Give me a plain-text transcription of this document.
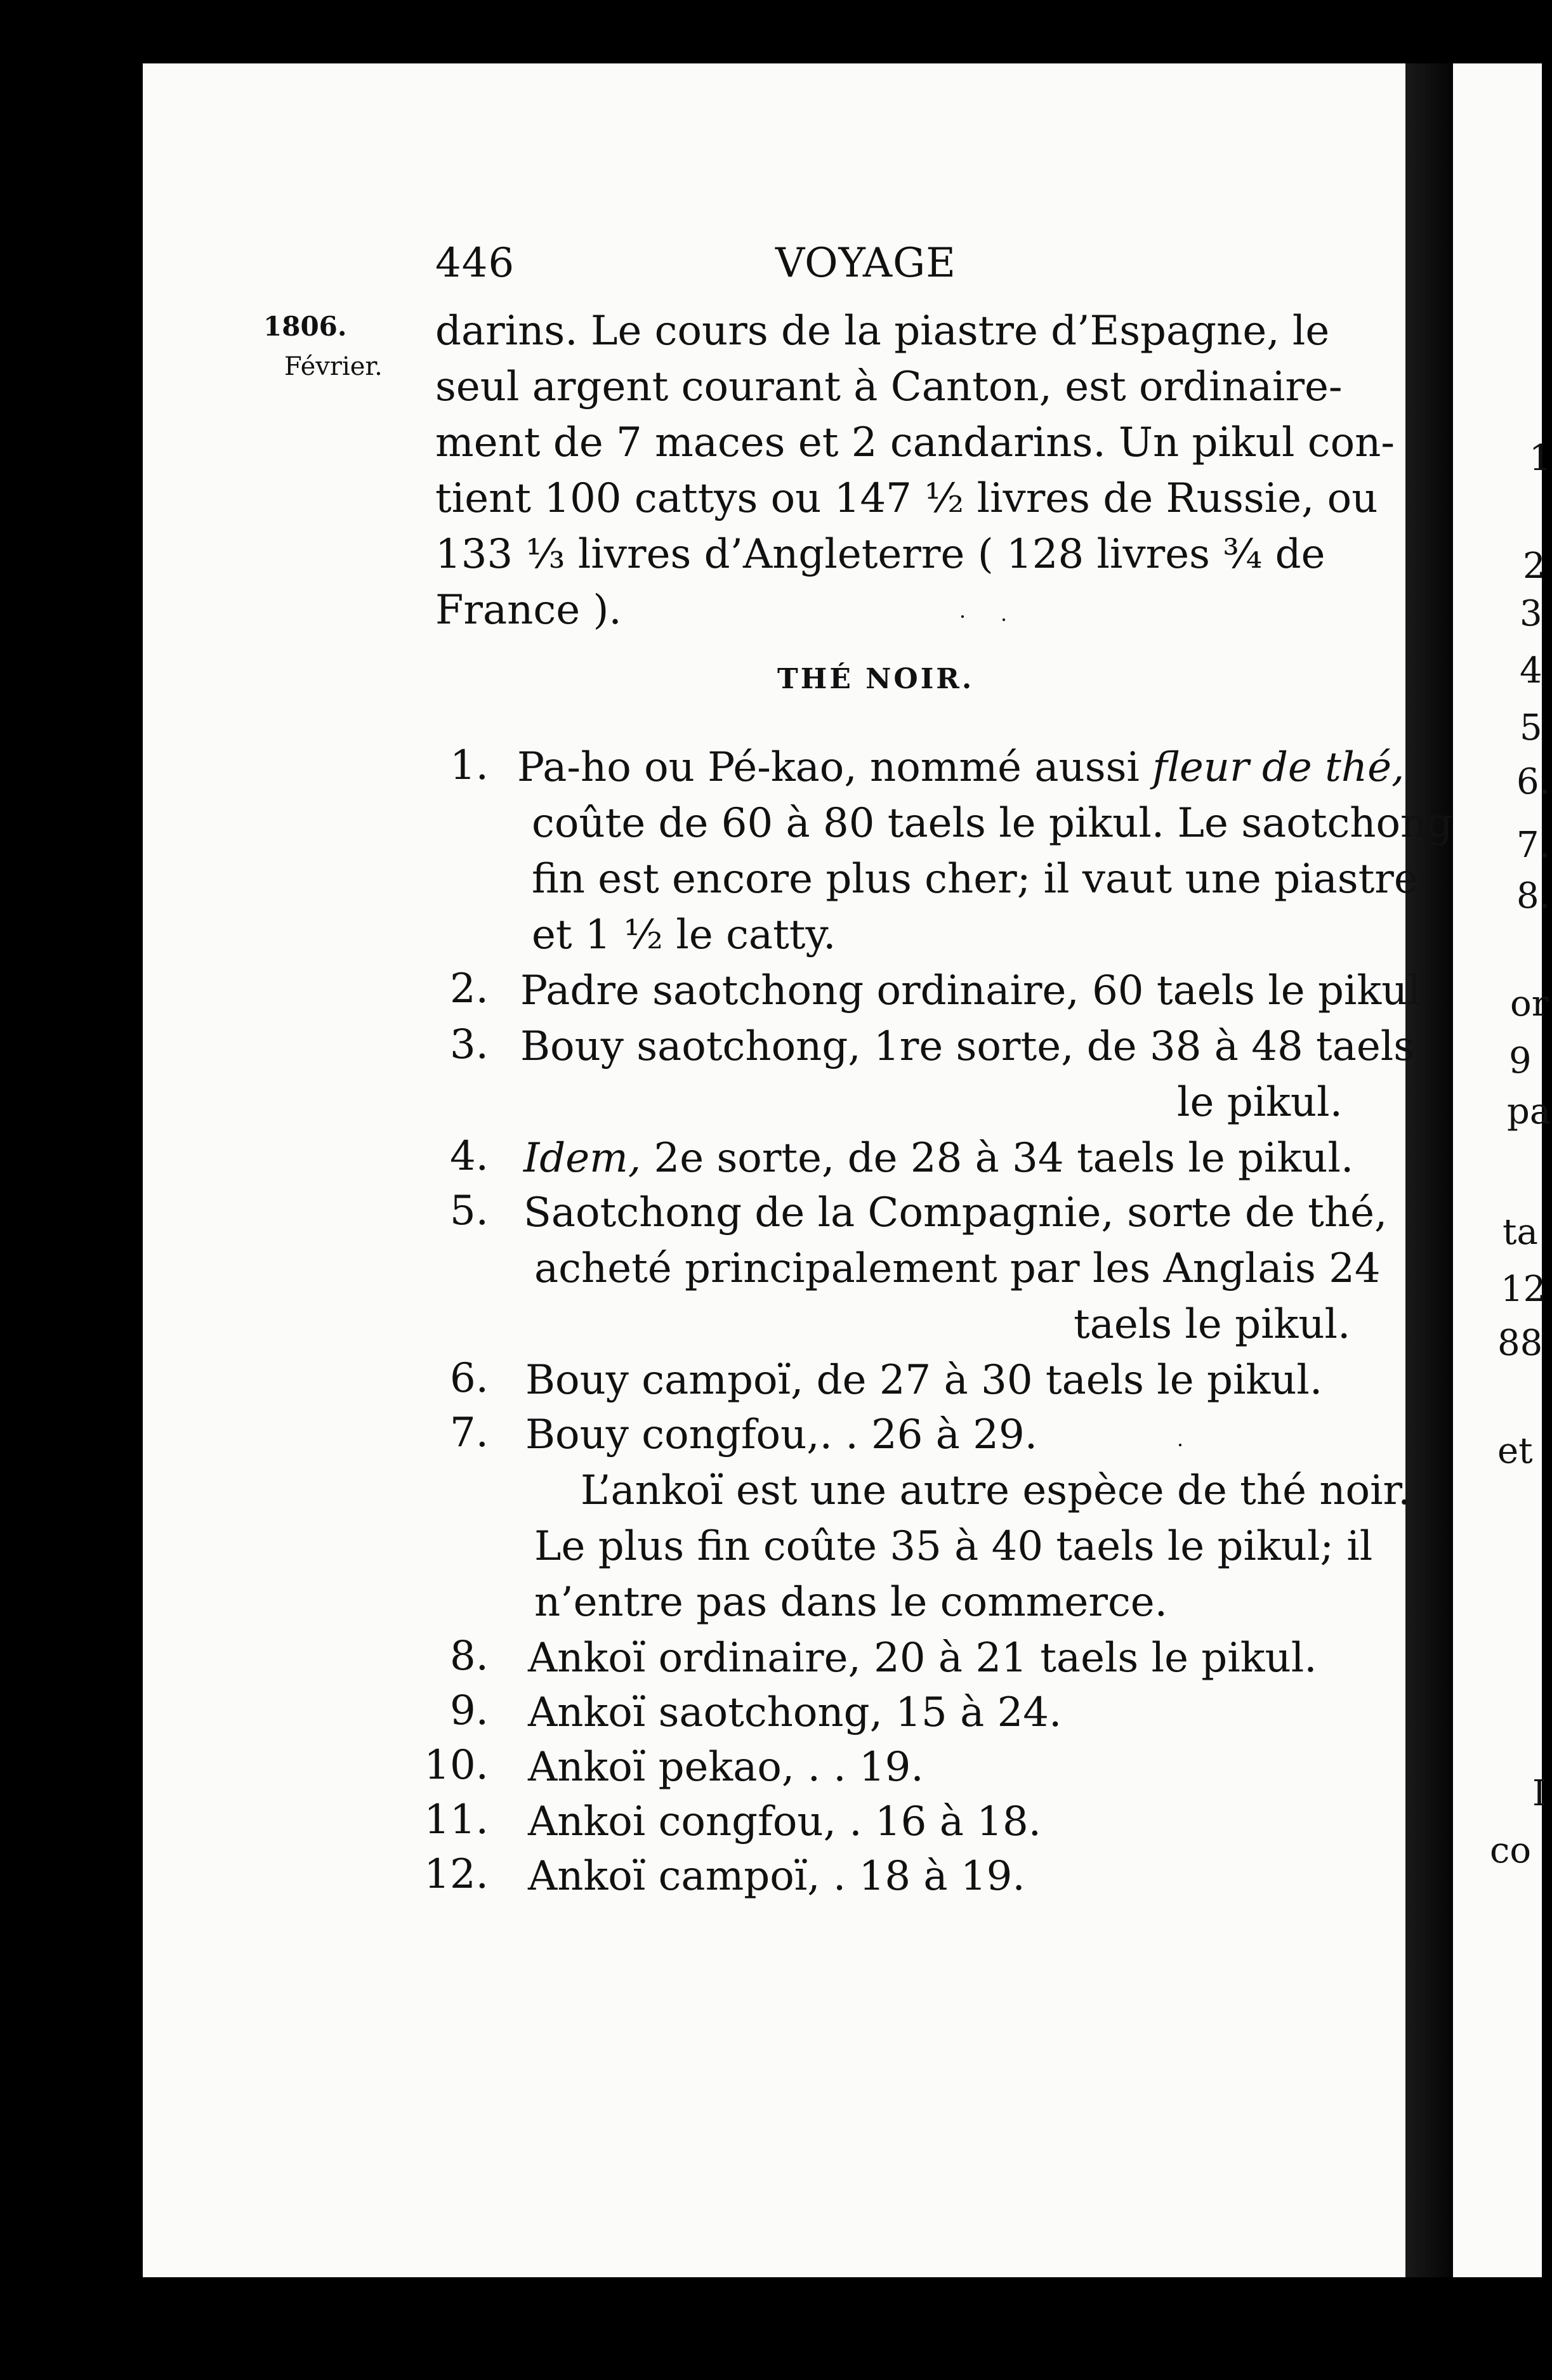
446	VOYAGE
1806.
Février.
darins. Le cours de la piastre d’Espagne, le
seul argent courant à Canton, est ordinaire-
ment de 7 maces et 2 candarins. Un pikul con-
tient 100 cattys ou 147 ½ livres de Russie, ou
133 ⅓ livres d’Angleterre ( 128 livres ¾ de
France ).
THÉ NOIR.
1. Pa-ho ou Pé-kao, nommé aussi fleur de thé,
coûte de 60 à 80 taels le pikul. Le saotchong
fin est encore plus cher; il vaut une piastre
et 1 ½ le catty.
2. Padre saotchong ordinaire, 60 taels le pikul.
3. Bouy saotchong, 1re sorte, de 38 à 48 taels
le pikul.
4. Idem, 2e sorte, de 28 à 34 taels le pikul.
5. Saotchong de la Compagnie, sorte de thé,
acheté principalement par les Anglais 24
taels le pikul.
6. Bouy campoï, de 27 à 30 taels le pikul.
7. Bouy congfou,. . 26 à 29.
L’ankoï est une autre espèce de thé noir.
Le plus fin coûte 35 à 40 taels le pikul; il
n’entre pas dans le commerce.
8. Ankoï ordinaire, 20 à 21 taels le pikul.
9. Ankoï saotchong, 15 à 24.
10. Ankoï pekao, . . 19.
11. Ankoi congfou, . 16 à 18.
12. Ankoï campoï, . 18 à 19.
1
2
3
4
5
6.
7.
8.
or
9
pa
ta
12
88
et
I
co
